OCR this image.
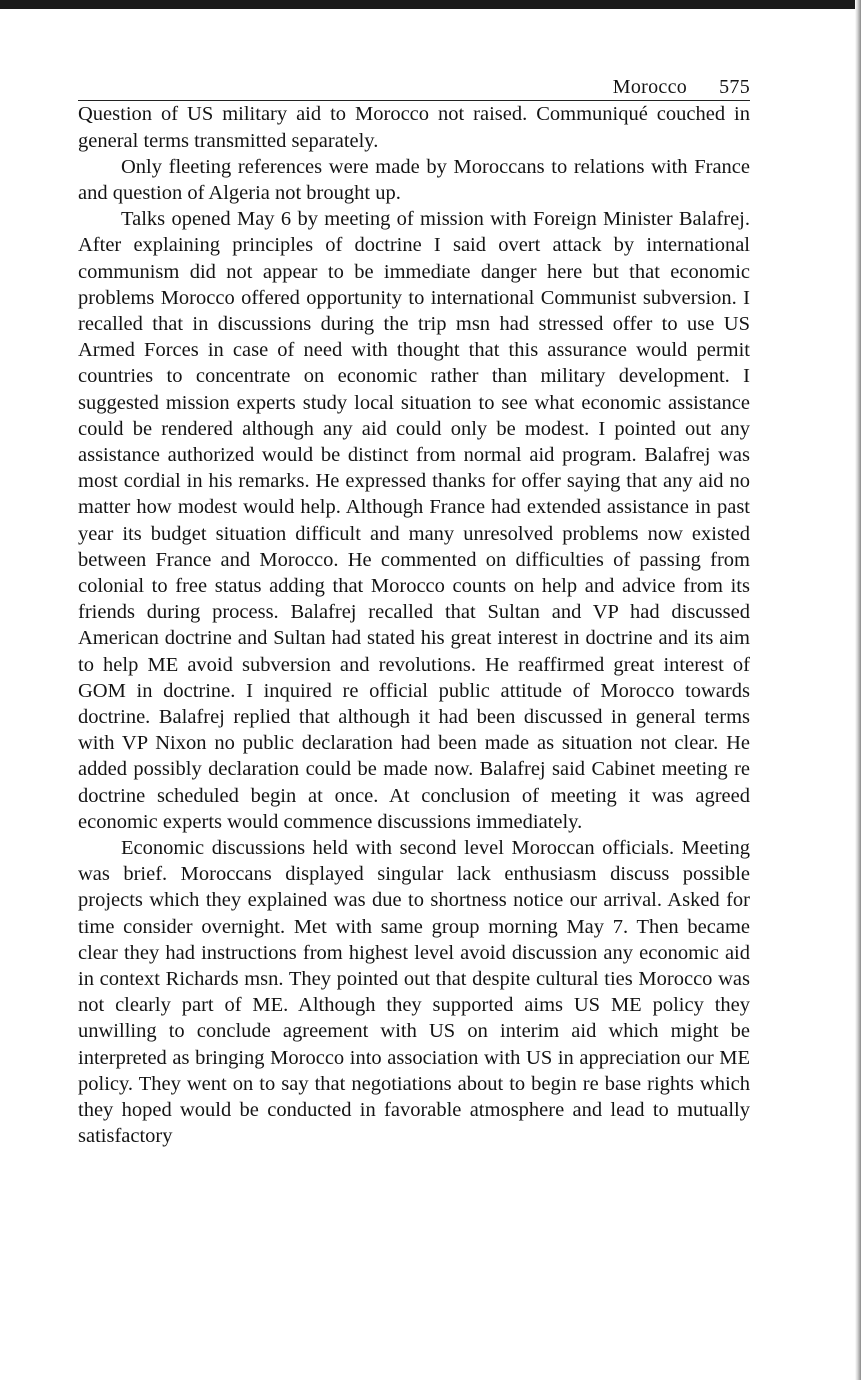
Morocco 575

Question of US military aid to Morocco not raised. Communiqué couched in general terms transmitted separately.

Only fleeting references were made by Moroccans to relations with France and question of Algeria not brought up.

Talks opened May 6 by meeting of mission with Foreign Minister Balafrej. After explaining principles of doctrine I said overt attack by international communism did not appear to be immediate danger here but that economic problems Morocco offered opportunity to international Communist subversion. I recalled that in discussions during the trip msn had stressed offer to use US Armed Forces in case of need with thought that this assurance would permit countries to concentrate on economic rather than military development. I suggested mission experts study local situation to see what economic assistance could be rendered although any aid could only be modest. I pointed out any assistance authorized would be distinct from normal aid program. Balafrej was most cordial in his remarks. He expressed thanks for offer saying that any aid no matter how modest would help. Although France had extended assistance in past year its budget situation difficult and many unresolved problems now existed between France and Morocco. He commented on difficulties of passing from colonial to free status adding that Morocco counts on help and advice from its friends during process. Balafrej recalled that Sultan and VP had discussed American doctrine and Sultan had stated his great interest in doctrine and its aim to help ME avoid subversion and revolutions. He reaffirmed great interest of GOM in doctrine. I inquired re official public attitude of Morocco towards doctrine. Balafrej replied that although it had been discussed in general terms with VP Nixon no public declaration had been made as situation not clear. He added possibly declaration could be made now. Balafrej said Cabinet meeting re doctrine scheduled begin at once. At conclusion of meeting it was agreed economic experts would commence discussions immediately.

Economic discussions held with second level Moroccan officials. Meeting was brief. Moroccans displayed singular lack enthusiasm discuss possible projects which they explained was due to shortness notice our arrival. Asked for time consider overnight. Met with same group morning May 7. Then became clear they had instructions from highest level avoid discussion any economic aid in context Richards msn. They pointed out that despite cultural ties Morocco was not clearly part of ME. Although they supported aims US ME policy they unwilling to conclude agreement with US on interim aid which might be interpreted as bringing Morocco into association with US in appreciation our ME policy. They went on to say that negotiations about to begin re base rights which they hoped would be conducted in favorable atmosphere and lead to mutually satisfactory
